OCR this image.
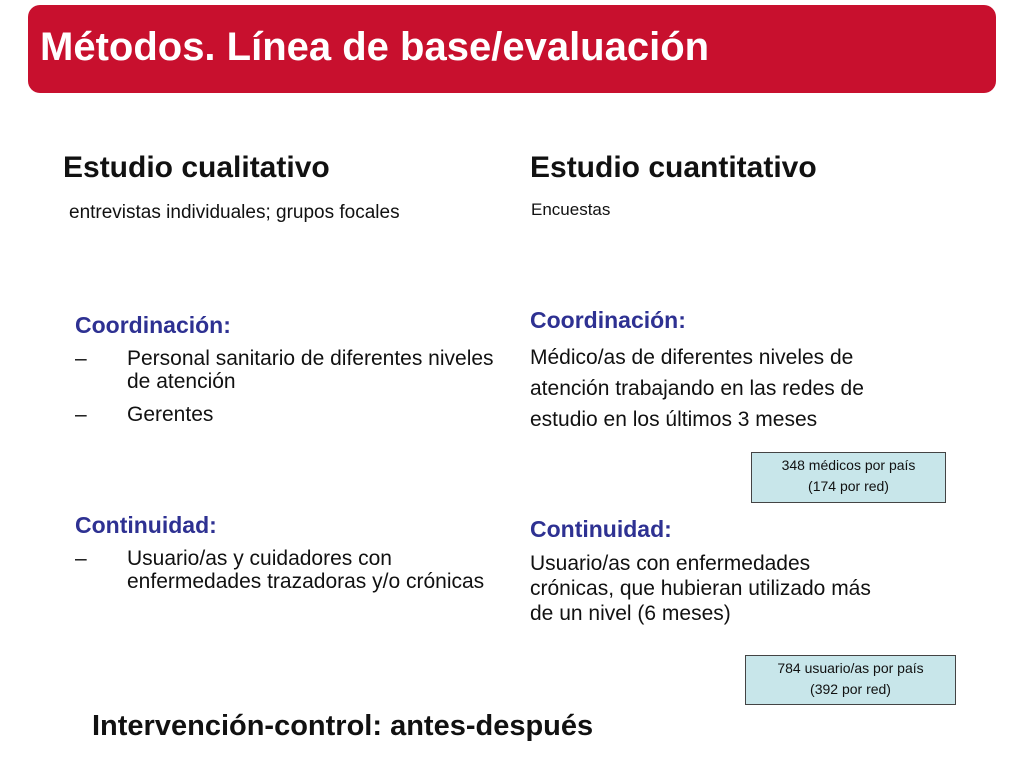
Métodos. Línea de base/evaluación
Estudio cualitativo
entrevistas individuales; grupos focales
Coordinación:
– Personal sanitario de diferentes niveles de atención
– Gerentes
Continuidad:
– Usuario/as y cuidadores con enfermedades trazadoras y/o crónicas
Estudio cuantitativo
Encuestas
Coordinación:
Médico/as de diferentes niveles de
atención trabajando en las redes de
estudio en los últimos 3 meses
348 médicos por país
(174 por red)
Continuidad:
Usuario/as con enfermedades
crónicas, que hubieran utilizado más
de un nivel (6 meses)
784 usuario/as por país
(392 por red)
Intervención-control: antes-después
